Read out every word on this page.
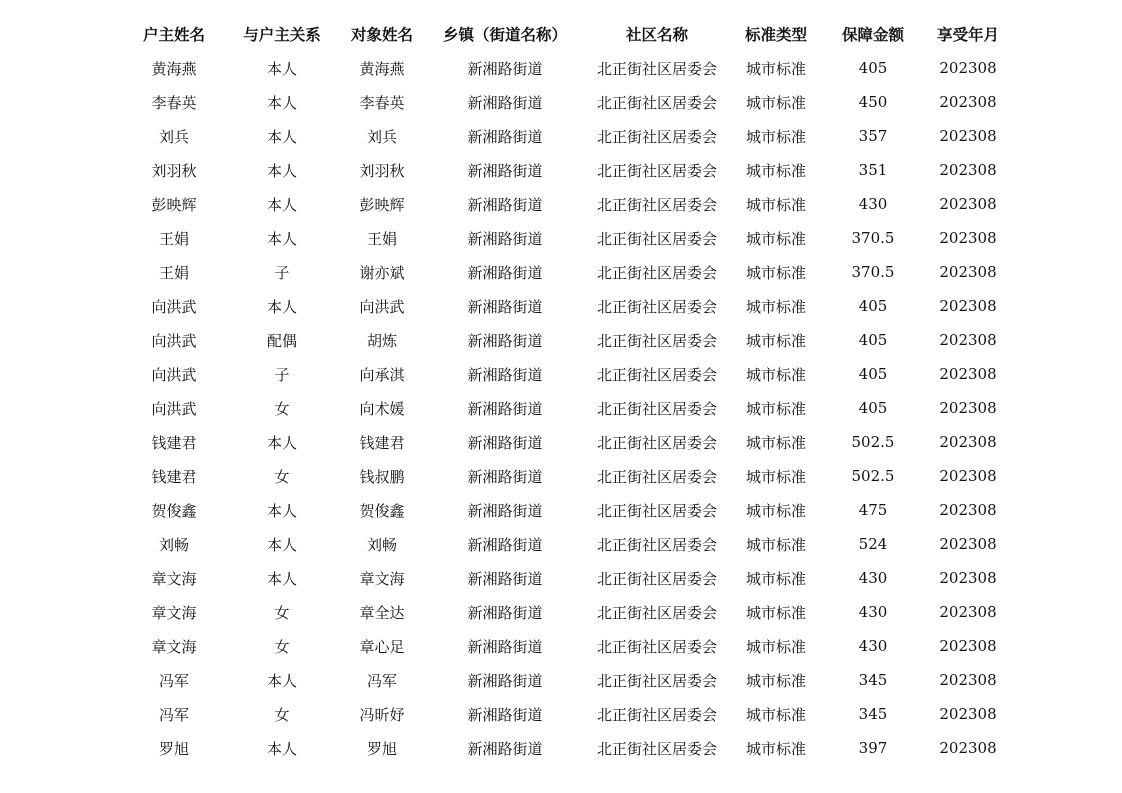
户主姓名	与户主关系	对象姓名	乡镇（街道名称）	社区名称	标准类型	保障金额	享受年月
黄海燕	本人	黄海燕	新湘路街道	北正街社区居委会	城市标准	405	202308
李春英	本人	李春英	新湘路街道	北正街社区居委会	城市标准	450	202308
刘兵	本人	刘兵	新湘路街道	北正街社区居委会	城市标准	357	202308
刘羽秋	本人	刘羽秋	新湘路街道	北正街社区居委会	城市标准	351	202308
彭映辉	本人	彭映辉	新湘路街道	北正街社区居委会	城市标准	430	202308
王娟	本人	王娟	新湘路街道	北正街社区居委会	城市标准	370.5	202308
王娟	子	谢亦斌	新湘路街道	北正街社区居委会	城市标准	370.5	202308
向洪武	本人	向洪武	新湘路街道	北正街社区居委会	城市标准	405	202308
向洪武	配偶	胡炼	新湘路街道	北正街社区居委会	城市标准	405	202308
向洪武	子	向承淇	新湘路街道	北正街社区居委会	城市标准	405	202308
向洪武	女	向术媛	新湘路街道	北正街社区居委会	城市标准	405	202308
钱建君	本人	钱建君	新湘路街道	北正街社区居委会	城市标准	502.5	202308
钱建君	女	钱叔鹏	新湘路街道	北正街社区居委会	城市标准	502.5	202308
贺俊鑫	本人	贺俊鑫	新湘路街道	北正街社区居委会	城市标准	475	202308
刘畅	本人	刘畅	新湘路街道	北正街社区居委会	城市标准	524	202308
章文海	本人	章文海	新湘路街道	北正街社区居委会	城市标准	430	202308
章文海	女	章全达	新湘路街道	北正街社区居委会	城市标准	430	202308
章文海	女	章心足	新湘路街道	北正街社区居委会	城市标准	430	202308
冯军	本人	冯军	新湘路街道	北正街社区居委会	城市标准	345	202308
冯军	女	冯昕妤	新湘路街道	北正街社区居委会	城市标准	345	202308
罗旭	本人	罗旭	新湘路街道	北正街社区居委会	城市标准	397	202308
